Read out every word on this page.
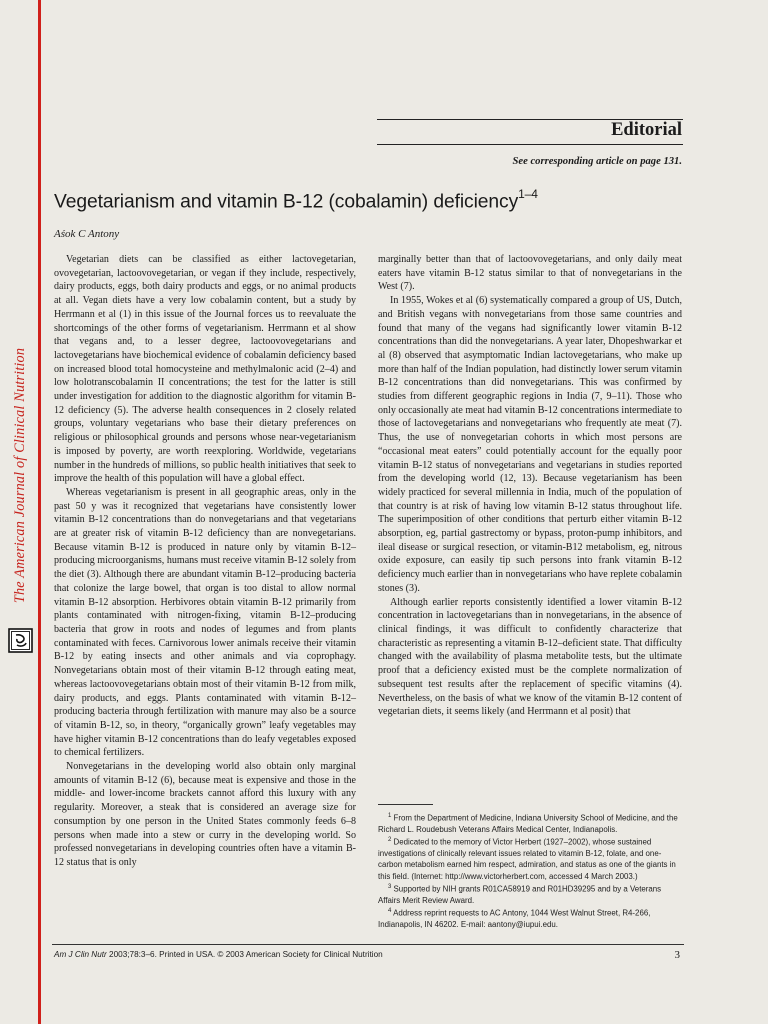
The American Journal of Clinical Nutrition
Editorial
See corresponding article on page 131.
Vegetarianism and vitamin B-12 (cobalamin) deficiency$^{1-4}$
Aśok C Antony

Vegetarian diets can be classified as either lactovegetarian, ovovegetarian, lactoovovegetarian, or vegan if they include, respectively, dairy products, eggs, both dairy products and eggs, or no animal products at all. Vegan diets have a very low cobalamin content, but a study by Herrmann et al (1) in this issue of the Journal forces us to reevaluate the shortcomings of the other forms of vegetarianism. Herrmann et al show that vegans and, to a lesser degree, lactoovovegetarians and lactovegetarians have biochemical evidence of cobalamin deficiency based on increased blood total homocysteine and methylmalonic acid (2–4) and low holotranscobalamin II concentrations; the test for the latter is still under investigation for addition to the diagnostic algorithm for vitamin B-12 deficiency (5). The adverse health consequences in 2 closely related groups, voluntary vegetarians who base their dietary preferences on religious or philosophical grounds and persons whose near-vegetarianism is imposed by poverty, are worth reexploring. Worldwide, vegetarians number in the hundreds of millions, so public health initiatives that seek to improve the health of this population will have a global effect.

Whereas vegetarianism is present in all geographic areas, only in the past 50 y was it recognized that vegetarians have consistently lower vitamin B-12 concentrations than do nonvegetarians and that vegetarians are at greater risk of vitamin B-12 deficiency than are nonvegetarians. Because vitamin B-12 is produced in nature only by vitamin B-12–producing microorganisms, humans must receive vitamin B-12 solely from the diet (3). Although there are abundant vitamin B-12–producing bacteria that colonize the large bowel, that organ is too distal to allow normal vitamin B-12 absorption. Herbivores obtain vitamin B-12 primarily from plants contaminated with nitrogen-fixing, vitamin B-12–producing bacteria that grow in roots and nodes of legumes and from plants contaminated with feces. Carnivorous lower animals receive their vitamin B-12 by eating insects and other animals and via coprophagy. Nonvegetarians obtain most of their vitamin B-12 through eating meat, whereas lactoovovegetarians obtain most of their vitamin B-12 from milk, dairy products, and eggs. Plants contaminated with vitamin B-12–producing bacteria through fertilization with manure may also be a source of vitamin B-12, so, in theory, “organically grown” leafy vegetables may have higher vitamin B-12 concentrations than do leafy vegetables exposed to chemical fertilizers.

Nonvegetarians in the developing world also obtain only marginal amounts of vitamin B-12 (6), because meat is expensive and those in the middle- and lower-income brackets cannot afford this luxury with any regularity. Moreover, a steak that is considered an average size for consumption by one person in the United States commonly feeds 6–8 persons when made into a stew or curry in the developing world. So professed nonvegetarians in developing countries often have a vitamin B-12 status that is only

marginally better than that of lactoovovegetarians, and only daily meat eaters have vitamin B-12 status similar to that of nonvegetarians in the West (7).

In 1955, Wokes et al (6) systematically compared a group of US, Dutch, and British vegans with nonvegetarians from those same countries and found that many of the vegans had significantly lower vitamin B-12 concentrations than did the nonvegetarians. A year later, Dhopeshwarkar et al (8) observed that asymptomatic Indian lactovegetarians, who make up more than half of the Indian population, had distinctly lower serum vitamin B-12 concentrations than did nonvegetarians. This was confirmed by studies from different geographic regions in India (7, 9–11). Those who only occasionally ate meat had vitamin B-12 concentrations intermediate to those of lactovegetarians and nonvegetarians who frequently ate meat (7). Thus, the use of nonvegetarian cohorts in which most persons are “occasional meat eaters” could potentially account for the equally poor vitamin B-12 status of nonvegetarians and vegetarians in studies reported from the developing world (12, 13). Because vegetarianism has been widely practiced for several millennia in India, much of the population of that country is at risk of having low vitamin B-12 status throughout life. The superimposition of other conditions that perturb either vitamin B-12 absorption, eg, partial gastrectomy or bypass, proton-pump inhibitors, and ileal disease or surgical resection, or vitamin-B12 metabolism, eg, nitrous oxide exposure, can easily tip such persons into frank vitamin B-12 deficiency much earlier than in nonvegetarians who have replete cobalamin stones (3).

Although earlier reports consistently identified a lower vitamin B-12 concentration in lactovegetarians than in nonvegetarians, in the absence of clinical findings, it was difficult to confidently characterize that characteristic as representing a vitamin B-12–deficient state. That difficulty changed with the availability of plasma metabolite tests, but the ultimate proof that a deficiency existed must be the complete normalization of subsequent test results after the replacement of specific vitamins (4). Nevertheless, on the basis of what we know of the vitamin B-12 content of vegetarian diets, it seems likely (and Herrmann et al posit) that

$^1$ From the Department of Medicine, Indiana University School of Medicine, and the Richard L. Roudebush Veterans Affairs Medical Center, Indianapolis.
$^2$ Dedicated to the memory of Victor Herbert (1927–2002), whose sustained investigations of clinically relevant issues related to vitamin B-12, folate, and one-carbon metabolism earned him respect, admiration, and status as one of the giants in this field. (Internet: http://www.victorherbert.com, accessed 4 March 2003.)
$^3$ Supported by NIH grants R01CA58919 and R01HD39295 and by a Veterans Affairs Merit Review Award.
$^4$ Address reprint requests to AC Antony, 1044 West Walnut Street, R4-266, Indianapolis, IN 46202. E-mail: aantony@iupui.edu.
Am J Clin Nutr 2003;78:3–6. Printed in USA. © 2003 American Society for Clinical Nutrition	3
